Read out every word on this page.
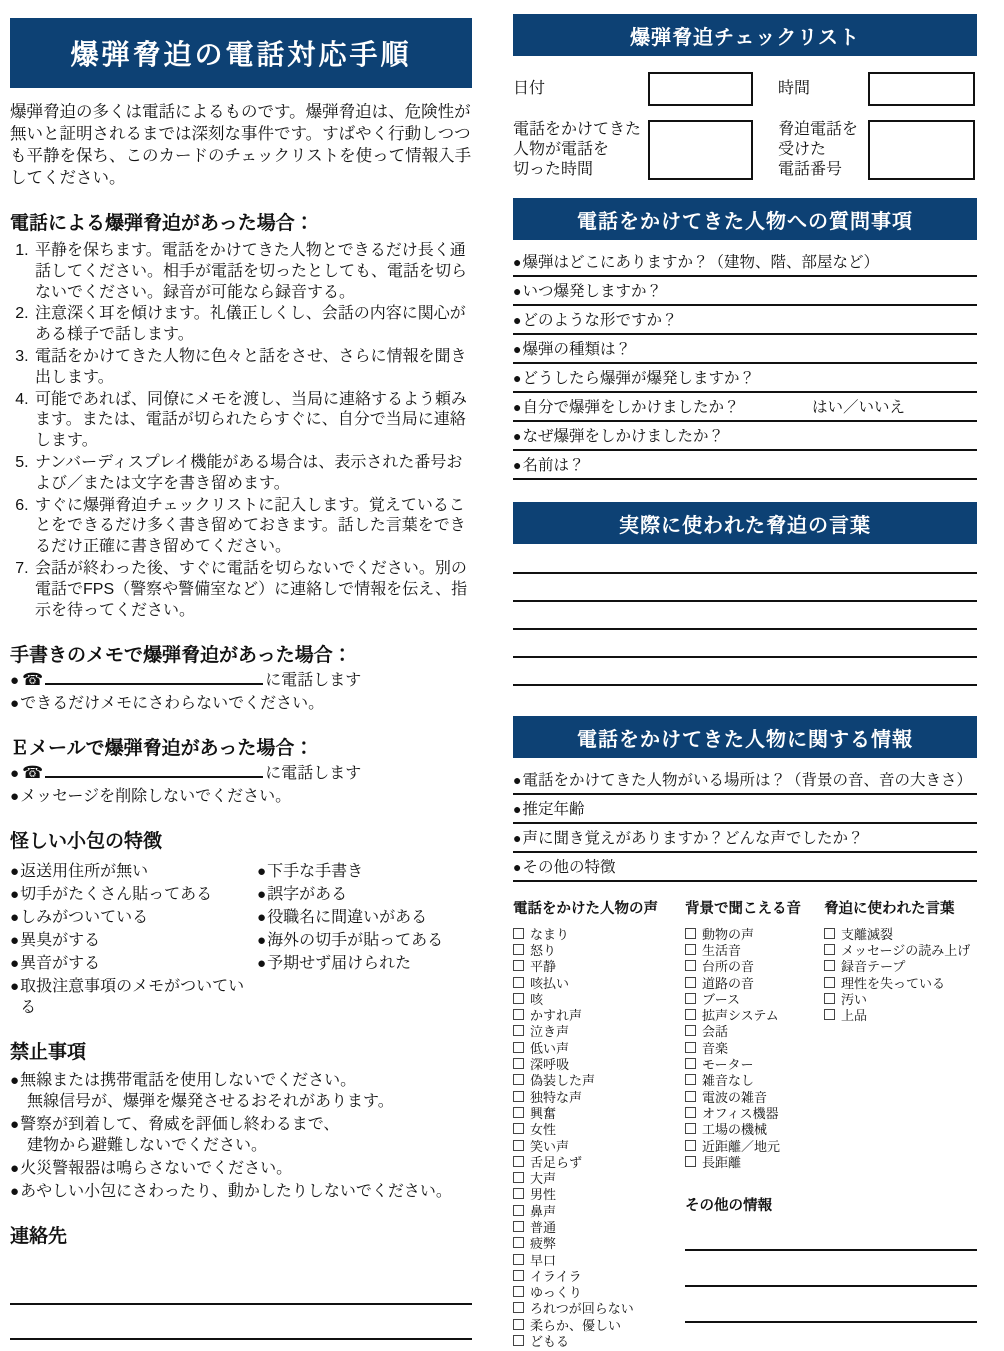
爆弾脅迫の電話対応手順
爆弾脅迫の多くは電話によるものです。爆弾脅迫は、危険性が無いと証明されるまでは深刻な事件です。すばやく行動しつつも平静を保ち、このカードのチェックリストを使って情報入手してください。
電話による爆弾脅迫があった場合：
1. 平静を保ちます。電話をかけてきた人物とできるだけ長く通話してください。相手が電話を切ったとしても、電話を切らないでください。録音が可能なら録音する。
2. 注意深く耳を傾けます。礼儀正しくし、会話の内容に関心がある様子で話します。
3. 電話をかけてきた人物に色々と話をさせ、さらに情報を聞き出します。
4. 可能であれば、同僚にメモを渡し、当局に連絡するよう頼みます。または、電話が切られたらすぐに、自分で当局に連絡します。
5. ナンバーディスプレイ機能がある場合は、表示された番号および／または文字を書き留めます。
6. すぐに爆弾脅迫チェックリストに記入します。覚えていることをできるだけ多く書き留めておきます。話した言葉をできるだけ正確に書き留めてください。
7. 会話が終わった後、すぐに電話を切らないでください。別の電話でFPS（警察や警備室など）に連絡しで情報を伝え、指示を待ってください。
手書きのメモで爆弾脅迫があった場合：
● ☎	に電話します
● できるだけメモにさわらないでください。
Ｅメールで爆弾脅迫があった場合：
● ☎	に電話します
● メッセージを削除しないでください。
怪しい小包の特徴
● 返送用住所が無い
● 切手がたくさん貼ってある
● しみがついている
● 異臭がする
● 異音がする
● 取扱注意事項のメモがついている
● 下手な手書き
● 誤字がある
● 役職名に間違いがある
● 海外の切手が貼ってある
● 予期せず届けられた
禁止事項
● 無線または携帯電話を使用しないでください。
無線信号が、爆弾を爆発させるおそれがあります。
● 警察が到着して、脅威を評価し終わるまで、
建物から避難しないでください。
● 火災警報器は鳴らさないでください。
● あやしい小包にさわったり、動かしたりしないでください。
連絡先
爆弾脅迫チェックリスト
日付	時間
電話をかけてきた
人物が電話を
切った時間
脅迫電話を
受けた
電話番号
電話をかけてきた人物への質問事項
● 爆弾はどこにありますか？（建物、階、部屋など）
● いつ爆発しますか？
● どのような形ですか？
● 爆弾の種類は？
● どうしたら爆弾が爆発しますか？
● 自分で爆弾をしかけましたか？	はい／いいえ
● なぜ爆弾をしかけましたか？
● 名前は？
実際に使われた脅迫の言葉
電話をかけてきた人物に関する情報
● 電話をかけてきた人物がいる場所は？（背景の音、音の大きさ）
● 推定年齢
● 声に聞き覚えがありますか？どんな声でしたか？
● その他の特徴
電話をかけた人物の声
なまり
怒り
平静
咳払い
咳
かすれ声
泣き声
低い声
深呼吸
偽装した声
独特な声
興奮
女性
笑い声
舌足らず
大声
男性
鼻声
普通
疲弊
早口
イライラ
ゆっくり
ろれつが回らない
柔らか、優しい
どもる
背景で聞こえる音
動物の声
生活音
台所の音
道路の音
ブース
拡声システム
会話
音楽
モーター
雑音なし
電波の雑音
オフィス機器
工場の機械
近距離／地元
長距離
脅迫に使われた言葉
支離滅裂
メッセージの読み上げ
録音テープ
理性を失っている
汚い
上品
その他の情報
